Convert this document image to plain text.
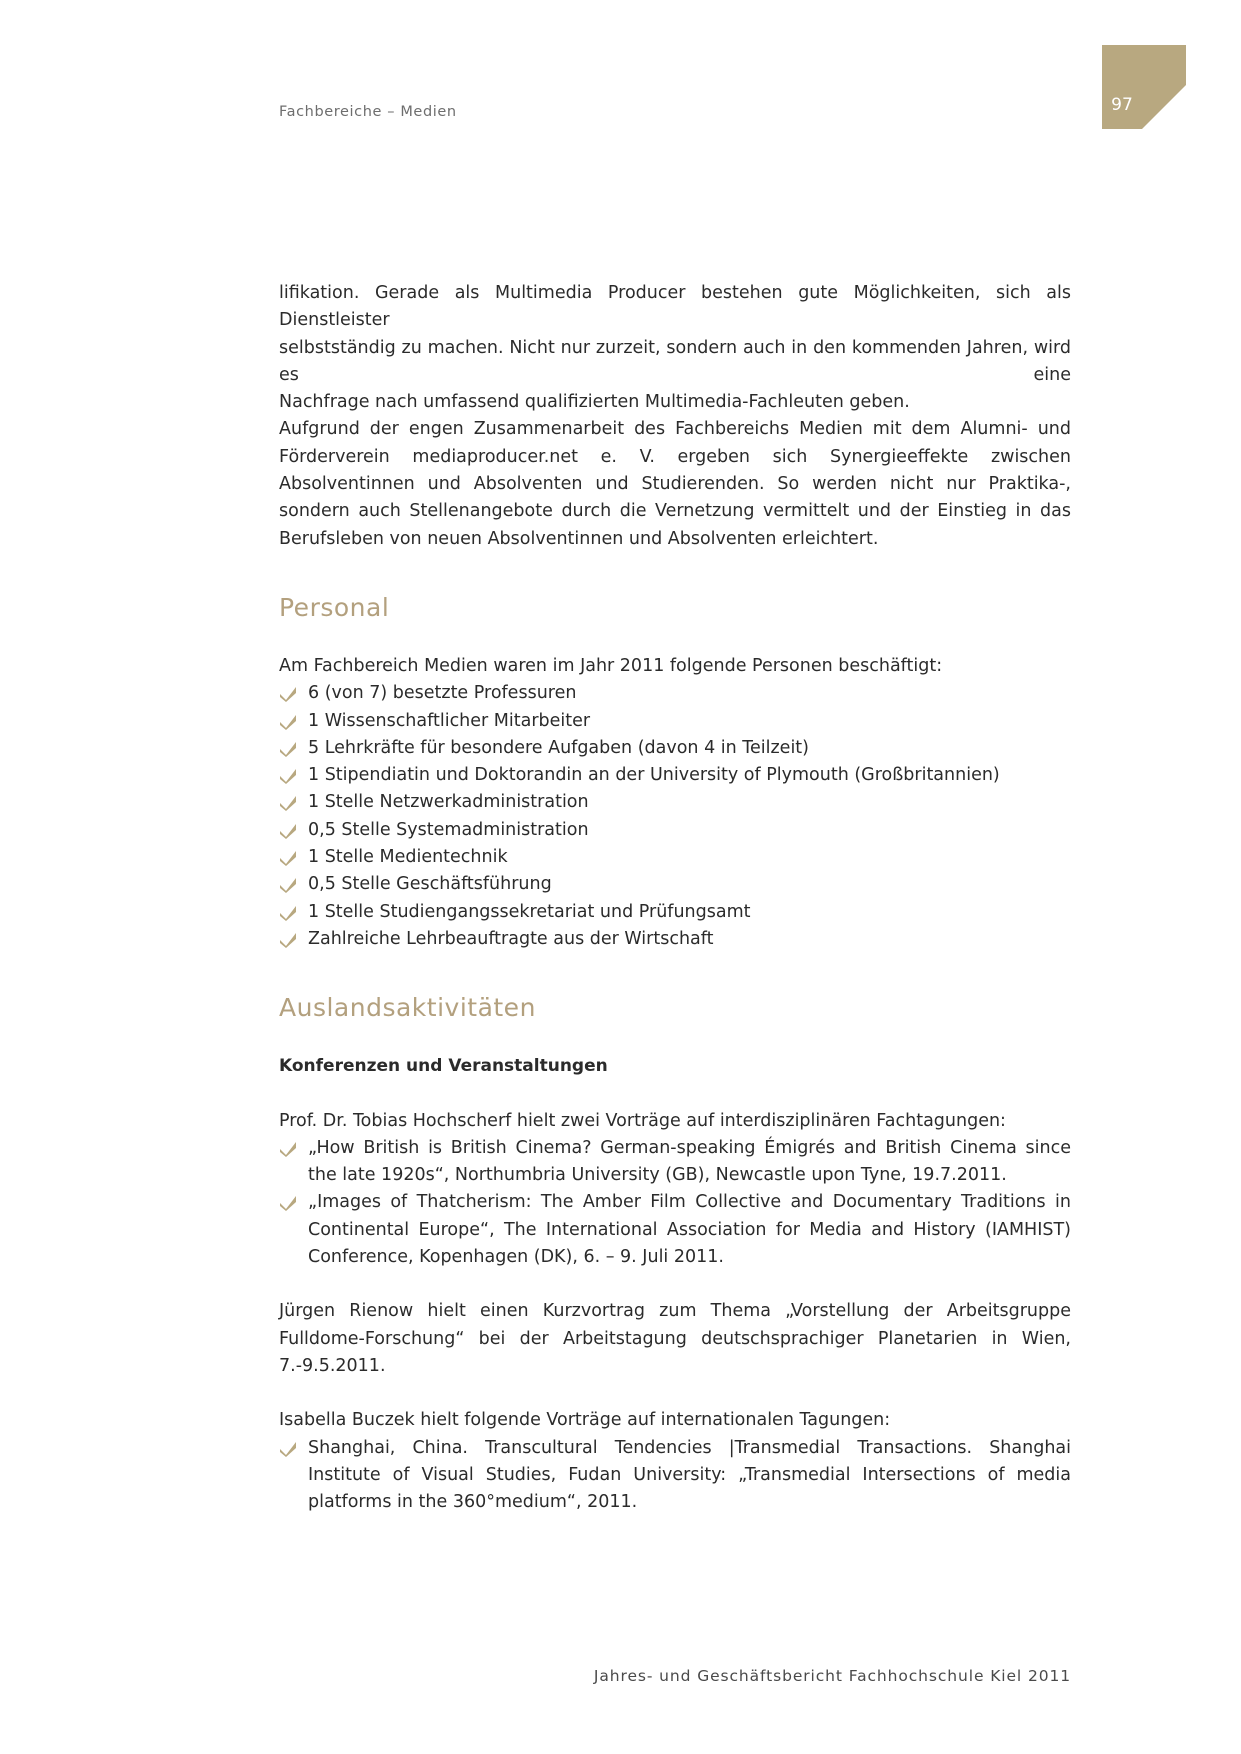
Fachbereiche – Medien	97

lifikation. Gerade als Multimedia Producer bestehen gute Möglichkeiten, sich als Dienstleister

selbstständig zu machen. Nicht nur zurzeit, sondern auch in den kommenden Jahren, wird es eine

Nachfrage nach umfassend qualifizierten Multimedia-Fachleuten geben.

Aufgrund der engen Zusammenarbeit des Fachbereichs Medien mit dem Alumni- und Förderverein mediaproducer.net e. V. ergeben sich Synergieeffekte zwischen Absolventinnen und Absolventen und Studierenden. So werden nicht nur Praktika-, sondern auch Stellenangebote durch die Vernetzung vermittelt und der Einstieg in das Berufsleben von neuen Absolventinnen und Absolventen erleichtert.

Personal

Am Fachbereich Medien waren im Jahr 2011 folgende Personen beschäftigt:

6 (von 7) besetzte Professuren
1 Wissenschaftlicher Mitarbeiter
5 Lehrkräfte für besondere Aufgaben (davon 4 in Teilzeit)
1 Stipendiatin und Doktorandin an der University of Plymouth (Großbritannien)
1 Stelle Netzwerkadministration
0,5 Stelle Systemadministration
1 Stelle Medientechnik
0,5 Stelle Geschäftsführung
1 Stelle Studiengangssekretariat und Prüfungsamt
Zahlreiche Lehrbeauftragte aus der Wirtschaft
Auslandsaktivitäten

Konferenzen und Veranstaltungen

Prof. Dr. Tobias Hochscherf hielt zwei Vorträge auf interdisziplinären Fachtagungen:

„How British is British Cinema? German-speaking Émigrés and British Cinema since the late 1920s“, Northumbria University (GB), Newcastle upon Tyne, 19.7.2011.
„Images of Thatcherism: The Amber Film Collective and Documentary Traditions in Continental Europe“, The International Association for Media and History (IAMHIST) Conference, Kopenhagen (DK), 6. – 9. Juli 2011.

Jürgen Rienow hielt einen Kurzvortrag zum Thema „Vorstellung der Arbeitsgruppe Fulldome-Forschung“ bei der Arbeitstagung deutschsprachiger Planetarien in Wien, 7.-9.5.2011.

Isabella Buczek hielt folgende Vorträge auf internationalen Tagungen:

Shanghai, China. Transcultural Tendencies |Transmedial Transactions. Shanghai Institute of Visual Studies, Fudan University: „Transmedial Intersections of media platforms in the 360°medium“, 2011.
Jahres- und Geschäftsbericht Fachhochschule Kiel 2011
